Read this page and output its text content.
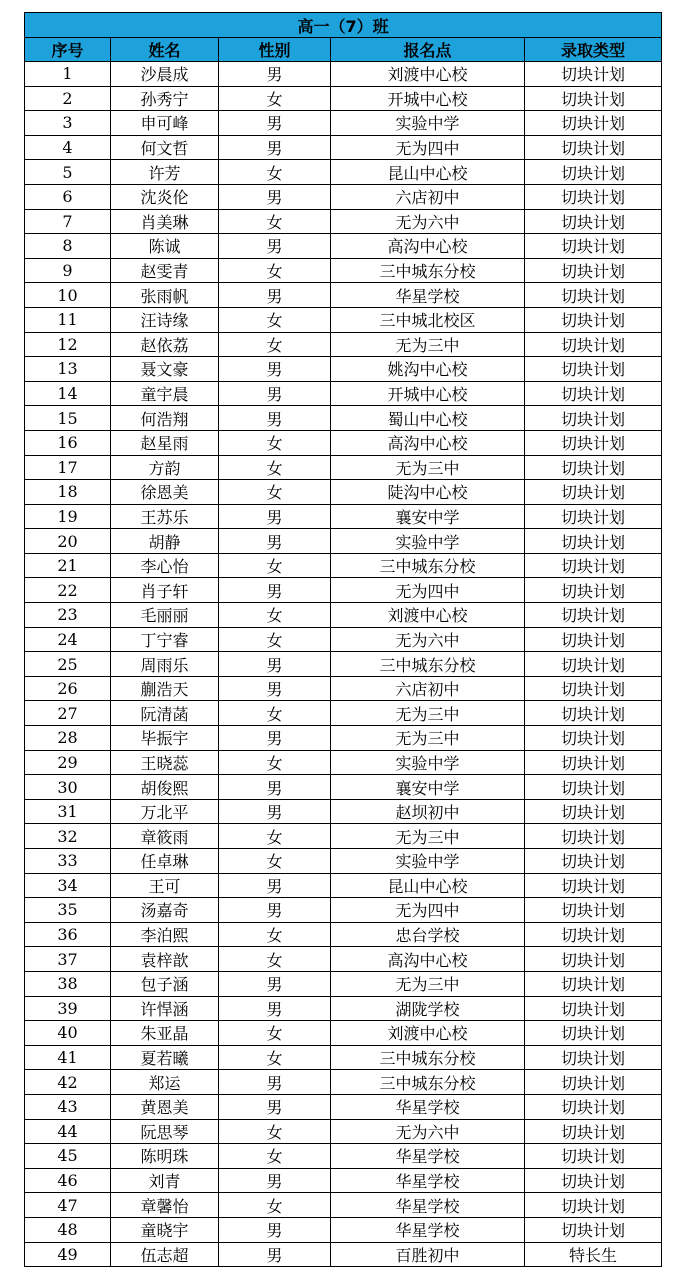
高一（7）班				
序号	姓名	性别	报名点	录取类型
1	沙晨成	男	刘渡中心校	切块计划
2	孙秀宁	女	开城中心校	切块计划
3	申可峰	男	实验中学	切块计划
4	何文哲	男	无为四中	切块计划
5	许芳	女	昆山中心校	切块计划
6	沈炎伦	男	六店初中	切块计划
7	肖美琳	女	无为六中	切块计划
8	陈诚	男	高沟中心校	切块计划
9	赵雯青	女	三中城东分校	切块计划
10	张雨帆	男	华星学校	切块计划
11	汪诗缘	女	三中城北校区	切块计划
12	赵依荔	女	无为三中	切块计划
13	聂文豪	男	姚沟中心校	切块计划
14	童宇晨	男	开城中心校	切块计划
15	何浩翔	男	蜀山中心校	切块计划
16	赵星雨	女	高沟中心校	切块计划
17	方韵	女	无为三中	切块计划
18	徐恩美	女	陡沟中心校	切块计划
19	王苏乐	男	襄安中学	切块计划
20	胡静	男	实验中学	切块计划
21	李心怡	女	三中城东分校	切块计划
22	肖子轩	男	无为四中	切块计划
23	毛丽丽	女	刘渡中心校	切块计划
24	丁宁睿	女	无为六中	切块计划
25	周雨乐	男	三中城东分校	切块计划
26	蒯浩天	男	六店初中	切块计划
27	阮清菡	女	无为三中	切块计划
28	毕振宇	男	无为三中	切块计划
29	王晓蕊	女	实验中学	切块计划
30	胡俊熙	男	襄安中学	切块计划
31	万北平	男	赵坝初中	切块计划
32	章筱雨	女	无为三中	切块计划
33	任卓琳	女	实验中学	切块计划
34	王可	男	昆山中心校	切块计划
35	汤嘉奇	男	无为四中	切块计划
36	李泊熙	女	忠台学校	切块计划
37	袁梓歆	女	高沟中心校	切块计划
38	包子涵	男	无为三中	切块计划
39	许悍涵	男	湖陇学校	切块计划
40	朱亚晶	女	刘渡中心校	切块计划
41	夏若曦	女	三中城东分校	切块计划
42	郑运	男	三中城东分校	切块计划
43	黄恩美	男	华星学校	切块计划
44	阮思琴	女	无为六中	切块计划
45	陈明珠	女	华星学校	切块计划
46	刘青	男	华星学校	切块计划
47	章馨怡	女	华星学校	切块计划
48	童晓宇	男	华星学校	切块计划
49	伍志超	男	百胜初中	特长生
